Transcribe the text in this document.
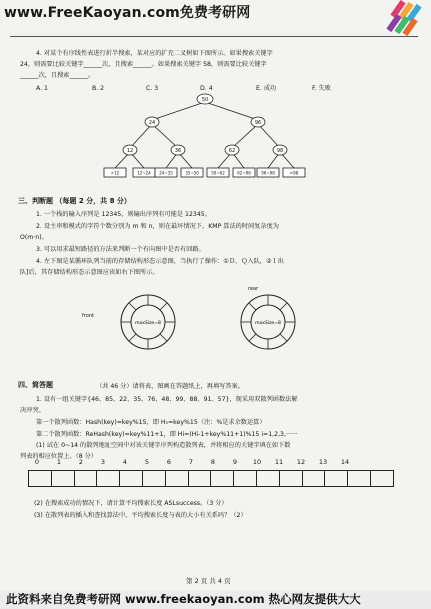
www.FreeKaoyan.com免费考研网
4. 对某个有序线性表进行折半搜索，某对应的扩充二叉树如下图所示。如果搜索关键字
24，则需要比较关键字______次，且搜索______。如果搜索关键字 58，则需要比较关键字
______次，且搜索______。
A. 1	B. 2	C. 3	D. 4	E. 成功	F. 失败
50
24	96
12	36	62	98
<12	12~24 24~35	35~50	50~62	62~96	96~98	>98
三、判断题 （每题 2 分，共 8 分）
1. 一个栈的输入序列是 12345，则输出序列有可能是 12345。
2. 设主串和模式的字符个数分别为 m 和 n，则在最坏情况下，KMP 算法的时间复杂度为
O(m·n)。
3. 可以用求最短路径的方法来判断一个有向图中是否有回路。
4. 左下图是某循环队列当前的存储结构形态示意图，当执行了操作：①Ｄ、Ｑ入队，②１出
队]后，其存储结构形态示意图应该如右下图所示。
maxSize=8
front
maxSize=8
rear
四、简答题	（共 46 分）请将表、图画在答题纸上，再填写答案。
1. 设有一组关键字{46、85、22、35、76、48、99、88、91、57}，现采用双散列函数法解
决冲突。
第一个散列函数：Hash(key)=key%15，即 H₀=key%15（注：%是求余数运算）
第二个散列函数：ReHash(key)=key%11+1，即 Hi=(Hi-1+key%11+1)%15 i=1,2,3,······
(1) 试在 0~14 的散列地址空间中对该关键字序列构造散列表，并将相应的关键字填在如下数
列表的相应位置上。（8 分）
0	1	2	3	4	5	6	7	8	9	10 11 12 13 14

(2) 在搜索成功的情况下，请计算平均搜索长度 ASLsuccess。（3 分）
(3) 在散列表的插入和查找算法中，平均搜索长度与表的大小有关系吗？（2）
第 2 页 共 4 页
此资料来自免费考研网 www.freekaoyan.com 热心网友提供大大
